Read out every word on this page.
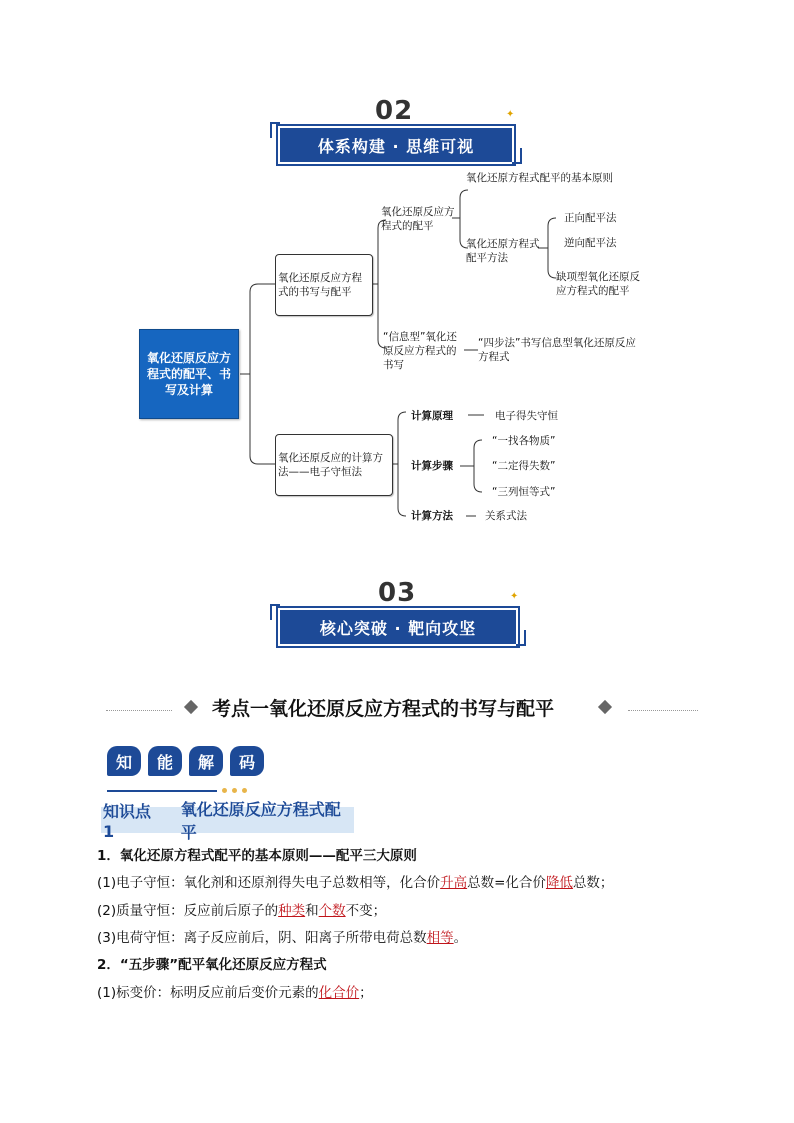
02
体系构建 · 思维可视
✦
氧化还原反应方程式的配平、书写及计算
氧化还原反应方程式的书写与配平
氧化还原反应方程式的配平
氧化还原方程式配平的基本原则
氧化还原方程式配平方法
正向配平法
逆向配平法
缺项型氧化还原反应方程式的配平
“信息型”氧化还原反应方程式的书写
“四步法”书写信息型氧化还原反应方程式
氧化还原反应的计算方法——电子守恒法
计算原理	电子得失守恒
计算步骤
“一找各物质”
“二定得失数”
“三列恒等式”
计算方法	关系式法
03
核心突破 · 靶向攻坚
✦
考点一氧化还原反应方程式的书写与配平
知	能	解	码
知识点 1
氧化还原反应方程式配平
1．氧化还原方程式配平的基本原则——配平三大原则
(1)电子守恒：氧化剂和还原剂得失电子总数相等，化合价升高总数=化合价降低总数；
(2)质量守恒：反应前后原子的种类和个数不变；
(3)电荷守恒：离子反应前后，阴、阳离子所带电荷总数相等。
2．“五步骤”配平氧化还原反应方程式
(1)标变价：标明反应前后变价元素的化合价；
